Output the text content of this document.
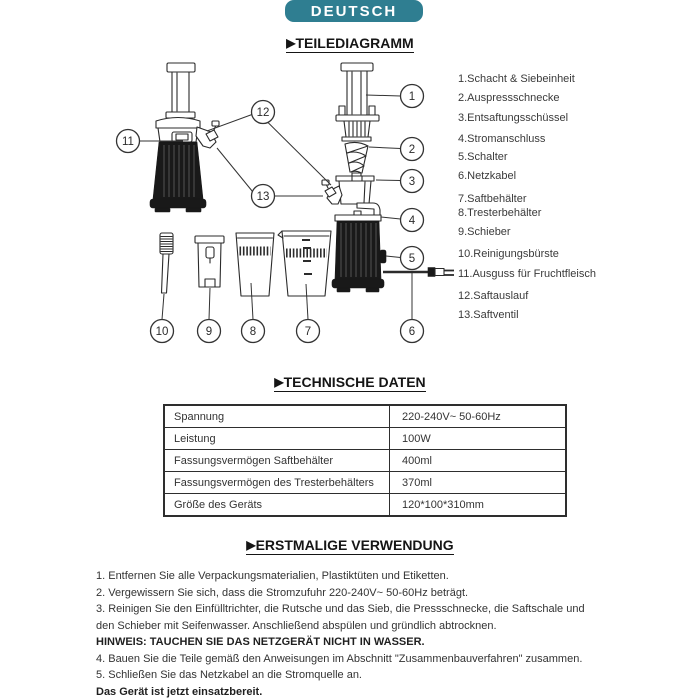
DEUTSCH
▶TEILEDIAGRAMM
1
2
3
4
5
6
7
8
9
10
11
12
13
1.Schacht & Siebeinheit
2.Auspressschnecke
3.Entsaftungsschüssel
4.Stromanschluss
5.Schalter
6.Netzkabel
7.Saftbehälter
8.Tresterbehälter
9.Schieber
10.Reinigungsbürste
11.Ausguss für Fruchtfleisch
12.Saftauslauf
13.Saftventil
▶TECHNISCHE DATEN
Spannung	220-240V~ 50-60Hz
Leistung	100W
Fassungsvermögen Saftbehälter	400ml
Fassungsvermögen des Tresterbehälters	370ml
Größe des Geräts	120*100*310mm
▶ERSTMALIGE VERWENDUNG

1. Entfernen Sie alle Verpackungsmaterialien, Plastiktüten und Etiketten.

2. Vergewissern Sie sich, dass die Stromzufuhr 220-240V~ 50-60Hz beträgt.

3. Reinigen Sie den Einfülltrichter, die Rutsche und das Sieb, die Pressschnecke, die Saftschale und

den Schieber mit Seifenwasser. Anschließend abspülen und gründlich abtrocknen.

HINWEIS: TAUCHEN SIE DAS NETZGERÄT NICHT IN WASSER.

4. Bauen Sie die Teile gemäß den Anweisungen im Abschnitt "Zusammenbauverfahren" zusammen.

5. Schließen Sie das Netzkabel an die Stromquelle an.

Das Gerät ist jetzt einsatzbereit.
